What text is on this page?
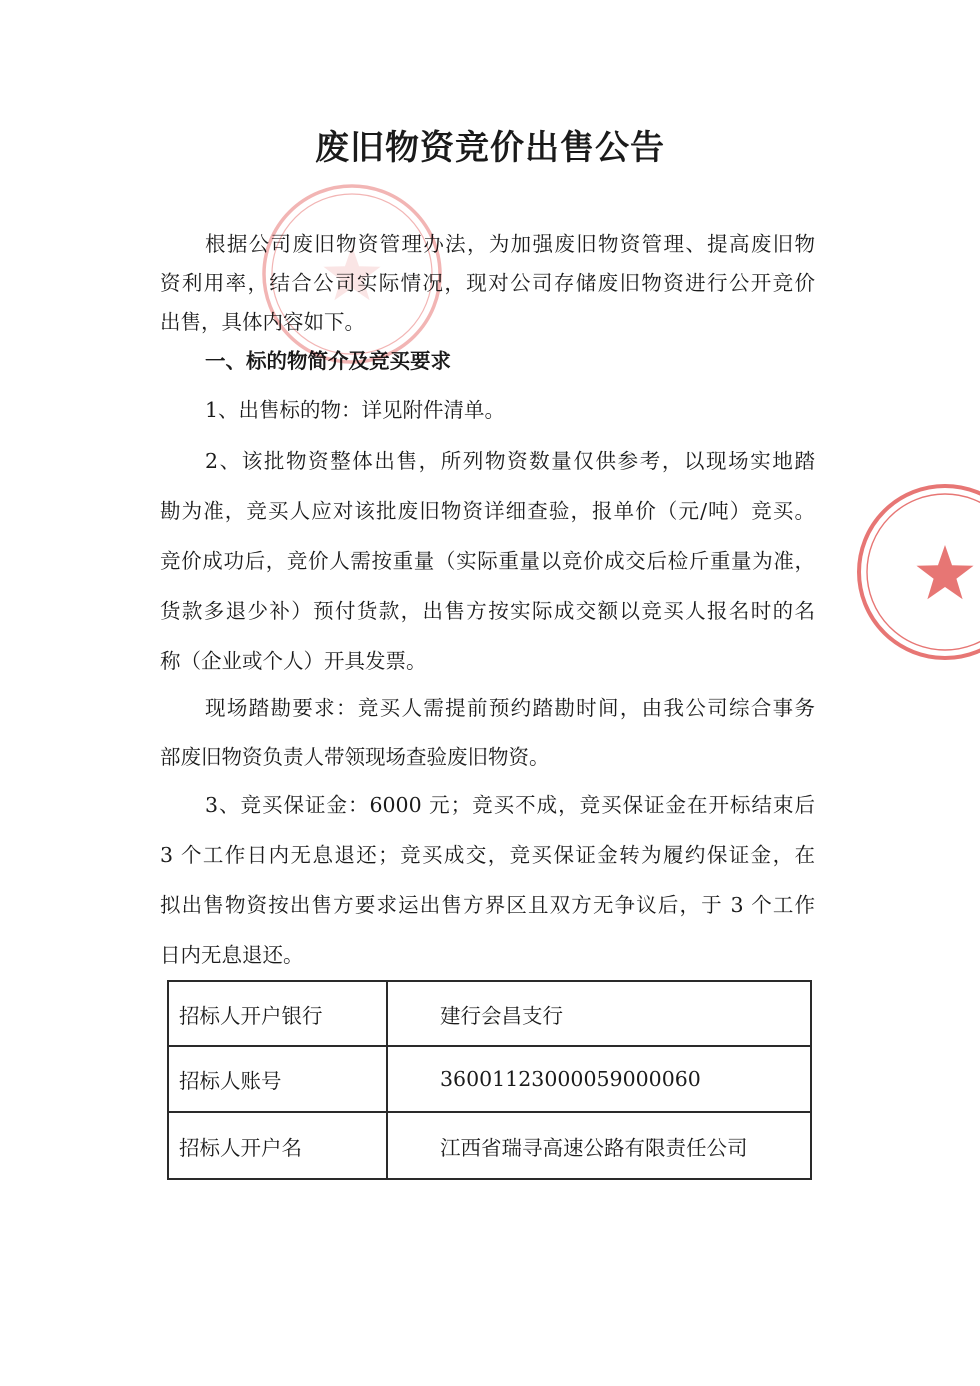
废旧物资竞价出售公告
根据公司废旧物资管理办法，为加强废旧物资管理、提高废旧物
资利用率，结合公司实际情况，现对公司存储废旧物资进行公开竞价
出售，具体内容如下。
一、标的物简介及竞买要求
1、出售标的物：详见附件清单。
2、该批物资整体出售，所列物资数量仅供参考，以现场实地踏
勘为准，竞买人应对该批废旧物资详细查验，报单价（元/吨）竞买。
竞价成功后，竞价人需按重量（实际重量以竞价成交后检斤重量为准，
货款多退少补）预付货款，出售方按实际成交额以竞买人报名时的名
称（企业或个人）开具发票。
现场踏勘要求：竞买人需提前预约踏勘时间，由我公司综合事务
部废旧物资负责人带领现场查验废旧物资。
3、竞买保证金：6000 元；竞买不成，竞买保证金在开标结束后
3 个工作日内无息退还；竞买成交，竞买保证金转为履约保证金，在
拟出售物资按出售方要求运出售方界区且双方无争议后，于 3 个工作
日内无息退还。
招标人开户银行	建行会昌支行
招标人账号	36001123000059000060
招标人开户名	江西省瑞寻高速公路有限责任公司
